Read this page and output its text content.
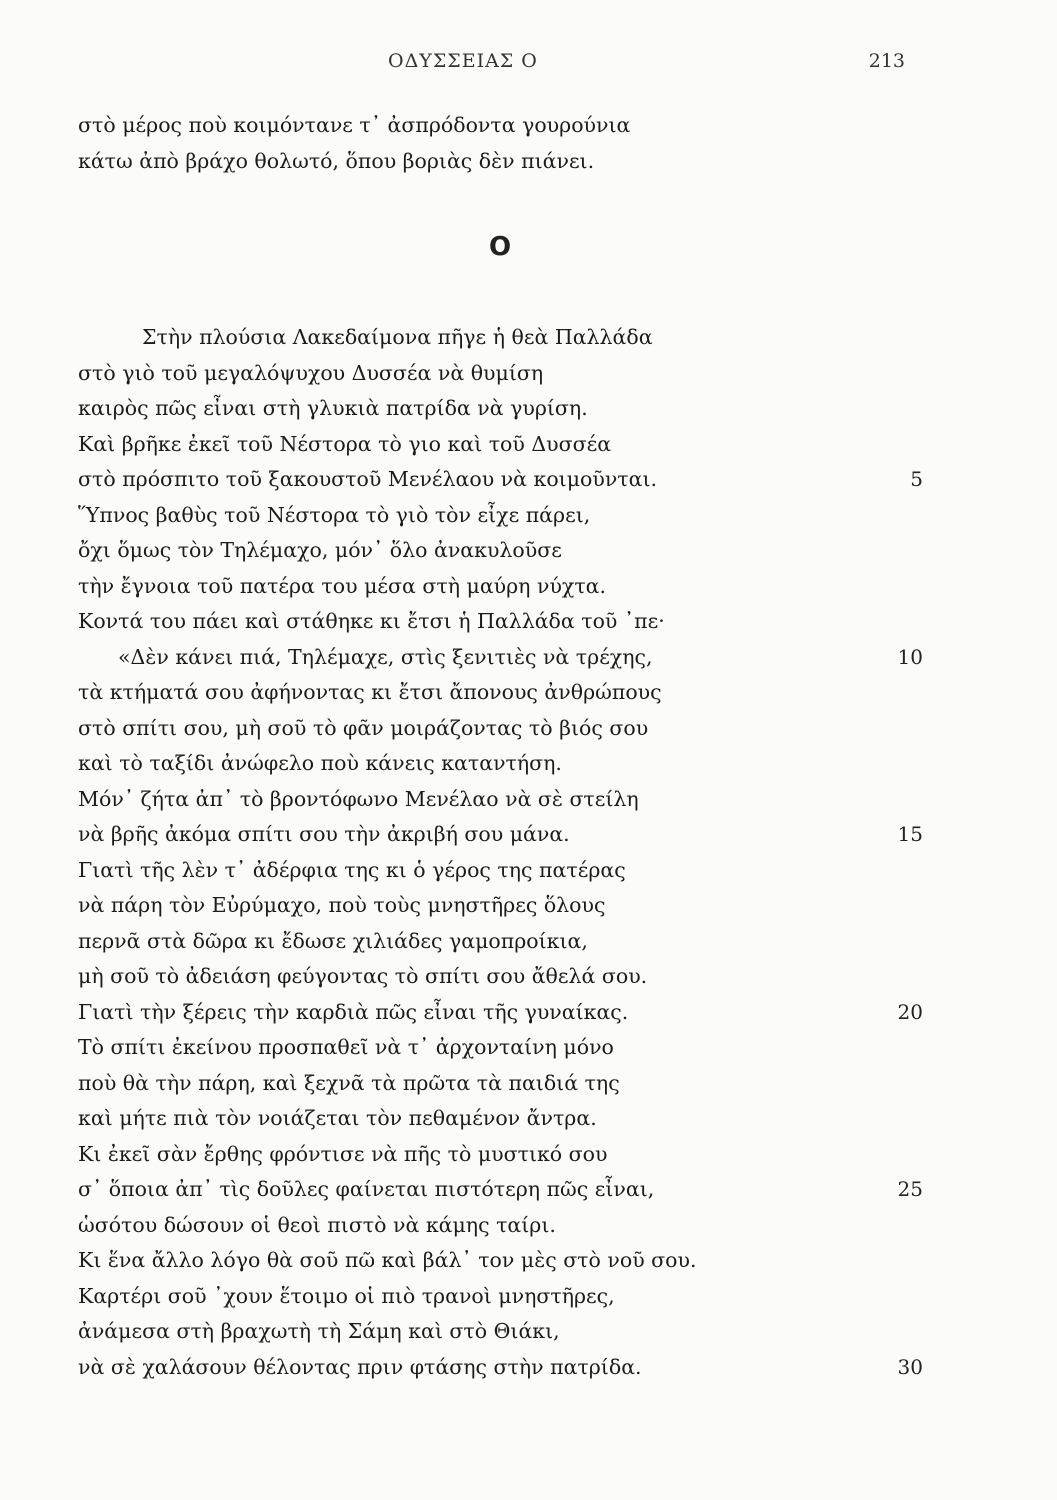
ΟΔΥΣΣΕΙΑΣ Ο	213
στὸ μέρος ποὺ κοιμόντανε τ᾽ ἀσπρόδοντα γουρούνια
κάτω ἀπὸ βράχο θολωτό, ὅπου βοριὰς δὲν πιάνει.
Ο
Στὴν πλούσια Λακεδαίμονα πῆγε ἡ θεὰ Παλλάδα
στὸ γιὸ τοῦ μεγαλόψυχου Δυσσέα νὰ θυμίση
καιρὸς πῶς εἶναι στὴ γλυκιὰ πατρίδα νὰ γυρίση.
Καὶ βρῆκε ἐκεῖ τοῦ Νέστορα τὸ γιο καὶ τοῦ Δυσσέα
στὸ πρόσπιτο τοῦ ξακουστοῦ Μενέλαου νὰ κοιμοῦνται.	5
Ὕπνος βαθὺς τοῦ Νέστορα τὸ γιὸ τὸν εἶχε πάρει,
ὄχι ὅμως τὸν Τηλέμαχο, μόν᾽ ὅλο ἀνακυλοῦσε
τὴν ἔγνοια τοῦ πατέρα του μέσα στὴ μαύρη νύχτα.
Κοντά του πάει καὶ στάθηκε κι ἔτσι ἡ Παλλάδα τοῦ ᾽πε·
«Δὲν κάνει πιά, Τηλέμαχε, στὶς ξενιτιὲς νὰ τρέχης,	10
τὰ κτήματά σου ἀφήνοντας κι ἔτσι ἄπονους ἀνθρώπους
στὸ σπίτι σου, μὴ σοῦ τὸ φᾶν μοιράζοντας τὸ βιός σου
καὶ τὸ ταξίδι ἀνώφελο ποὺ κάνεις καταντήση.
Μόν᾽ ζήτα ἀπ᾽ τὸ βροντόφωνο Μενέλαο νὰ σὲ στείλη
νὰ βρῆς ἀκόμα σπίτι σου τὴν ἀκριβή σου μάνα.	15
Γιατὶ τῆς λὲν τ᾽ ἀδέρφια της κι ὁ γέρος της πατέρας
νὰ πάρη τὸν Εὐρύμαχο, ποὺ τοὺς μνηστῆρες ὅλους
περνᾶ στὰ δῶρα κι ἔδωσε χιλιάδες γαμοπροίκια,
μὴ σοῦ τὸ ἀδειάση φεύγοντας τὸ σπίτι σου ἄθελά σου.
Γιατὶ τὴν ξέρεις τὴν καρδιὰ πῶς εἶναι τῆς γυναίκας.	20
Τὸ σπίτι ἐκείνου προσπαθεῖ νὰ τ᾽ ἀρχονταίνη μόνο
ποὺ θὰ τὴν πάρη, καὶ ξεχνᾶ τὰ πρῶτα τὰ παιδιά της
καὶ μήτε πιὰ τὸν νοιάζεται τὸν πεθαμένον ἄντρα.
Κι ἐκεῖ σὰν ἔρθης φρόντισε νὰ πῆς τὸ μυστικό σου
σ᾽ ὅποια ἀπ᾽ τὶς δοῦλες φαίνεται πιστότερη πῶς εἶναι,	25
ὡσότου δώσουν οἱ θεοὶ πιστὸ νὰ κάμης ταίρι.
Κι ἕνα ἄλλο λόγο θὰ σοῦ πῶ καὶ βάλ᾽ τον μὲς στὸ νοῦ σου.
Καρτέρι σοῦ ᾽χουν ἕτοιμο οἱ πιὸ τρανοὶ μνηστῆρες,
ἀνάμεσα στὴ βραχωτὴ τὴ Σάμη καὶ στὸ Θιάκι,
νὰ σὲ χαλάσουν θέλοντας πριν φτάσης στὴν πατρίδα.	30
